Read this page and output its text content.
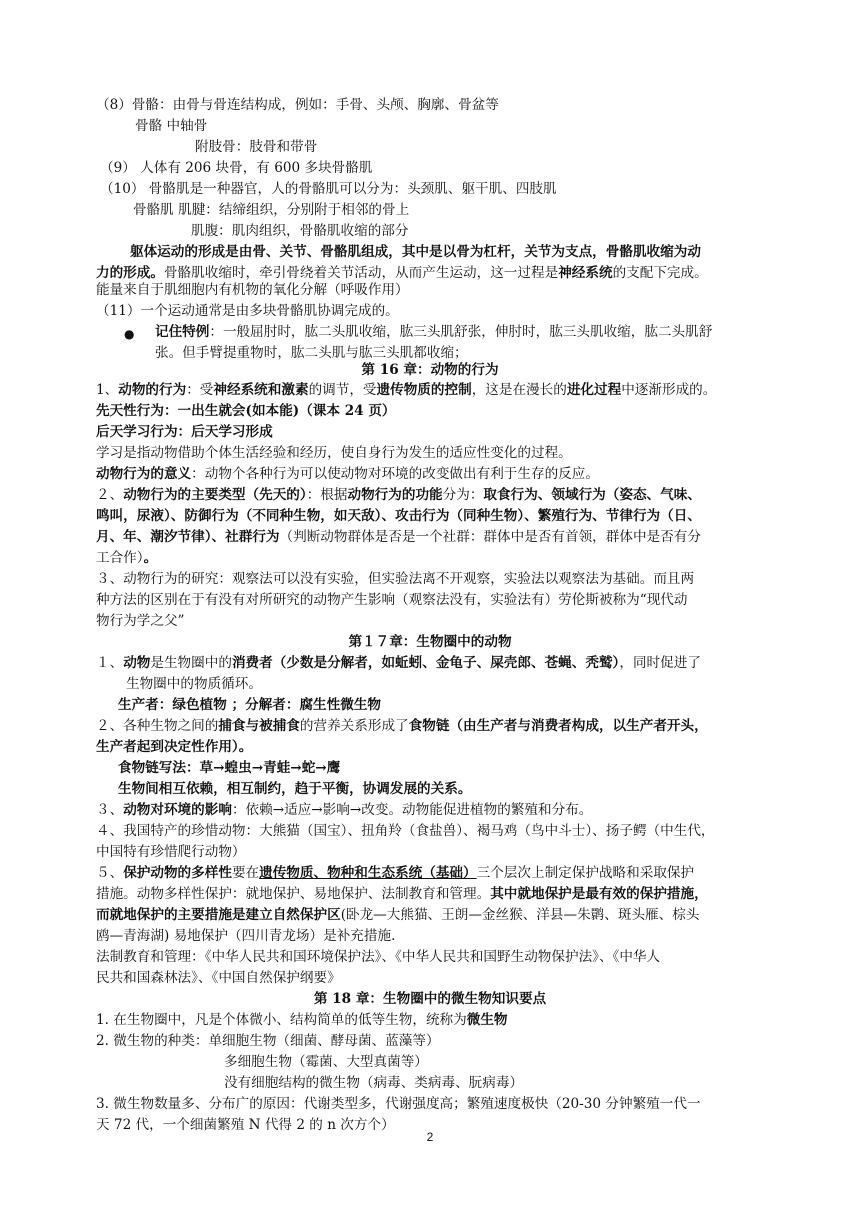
（8）骨骼：由骨与骨连结构成，例如：手骨、头颅、胸廓、骨盆等
骨骼 中轴骨
附肢骨：肢骨和带骨
（9） 人体有 206 块骨，有 600 多块骨骼肌
（10） 骨骼肌是一种器官，人的骨骼肌可以分为：头颈肌、躯干肌、四肢肌
骨骼肌 肌腱：结缔组织，分别附于相邻的骨上
肌腹：肌肉组织，骨骼肌收缩的部分
躯体运动的形成是由骨、关节、骨骼肌组成，其中是以骨为杠杆，关节为支点，骨骼肌收缩为动
力的形成。骨骼肌收缩时，牵引骨绕着关节活动，从而产生运动，这一过程是神经系统的支配下完成。
能量来自于肌细胞内有机物的氧化分解（呼吸作用）
（11）一个运动通常是由多块骨骼肌协调完成的。
● 记住特例：一般屈肘时，肱二头肌收缩，肱三头肌舒张，伸肘时，肱三头肌收缩，肱二头肌舒
张。但手臂提重物时，肱二头肌与肱三头肌都收缩；
第 16 章：动物的行为
1、动物的行为：受神经系统和激素的调节，受遗传物质的控制，这是在漫长的进化过程中逐渐形成的。
先天性行为：一出生就会(如本能)（课本 24 页）
后天学习行为：后天学习形成
学习是指动物借助个体生活经验和经历，使自身行为发生的适应性变化的过程。
动物行为的意义：动物个各种行为可以使动物对环境的改变做出有利于生存的反应。
２、动物行为的主要类型（先天的）：根据动物行为的功能分为：取食行为、领域行为（姿态、气味、
鸣叫，尿液）、防御行为（不同种生物，如天敌）、攻击行为（同种生物）、繁殖行为、节律行为（日、
月、年、潮汐节律）、社群行为（判断动物群体是否是一个社群：群体中是否有首领，群体中是否有分
工合作）。
３、动物行为的研究：观察法可以没有实验，但实验法离不开观察，实验法以观察法为基础。而且两
种方法的区别在于有没有对所研究的动物产生影响（观察法没有，实验法有）劳伦斯被称为“现代动
物行为学之父”
第１７章：生物圈中的动物
１、动物是生物圈中的消费者（少数是分解者，如蚯蚓、金龟子、屎壳郎、苍蝇、秃鹫），同时促进了
生物圈中的物质循环。
生产者：绿色植物 ；分解者：腐生性微生物
２、各种生物之间的捕食与被捕食的营养关系形成了食物链（由生产者与消费者构成，以生产者开头，
生产者起到决定性作用）。
食物链写法：草→蝗虫→青蛙→蛇→鹰
生物间相互依赖，相互制约，趋于平衡，协调发展的关系。
３、动物对环境的影响：依赖→适应→影响→改变。动物能促进植物的繁殖和分布。
４、我国特产的珍惜动物：大熊猫（国宝）、扭角羚（食盐兽）、褐马鸡（鸟中斗士）、扬子鳄（中生代，
中国特有珍惜爬行动物）
５、保护动物的多样性要在遗传物质、物种和生态系统（基础）三个层次上制定保护战略和采取保护
措施。动物多样性保护：就地保护、易地保护、法制教育和管理。其中就地保护是最有效的保护措施，
而就地保护的主要措施是建立自然保护区(卧龙—大熊猫、王朗—金丝猴、洋县—朱鹮、斑头雁、棕头
鸥—青海湖) 易地保护（四川青龙场）是补充措施.
法制教育和管理：《中华人民共和国环境保护法》、《中华人民共和国野生动物保护法》、《中华人
民共和国森林法》、《中国自然保护纲要》
第 18 章：生物圈中的微生物知识要点
1. 在生物圈中，凡是个体微小、结构简单的低等生物，统称为微生物
2. 微生物的种类：单细胞生物（细菌、酵母菌、蓝藻等）
多细胞生物（霉菌、大型真菌等）
没有细胞结构的微生物（病毒、类病毒、朊病毒）
3. 微生物数量多、分布广的原因：代谢类型多，代谢强度高；繁殖速度极快（20-30 分钟繁殖一代一
天 72 代，一个细菌繁殖 N 代得 2 的 n 次方个）
2
